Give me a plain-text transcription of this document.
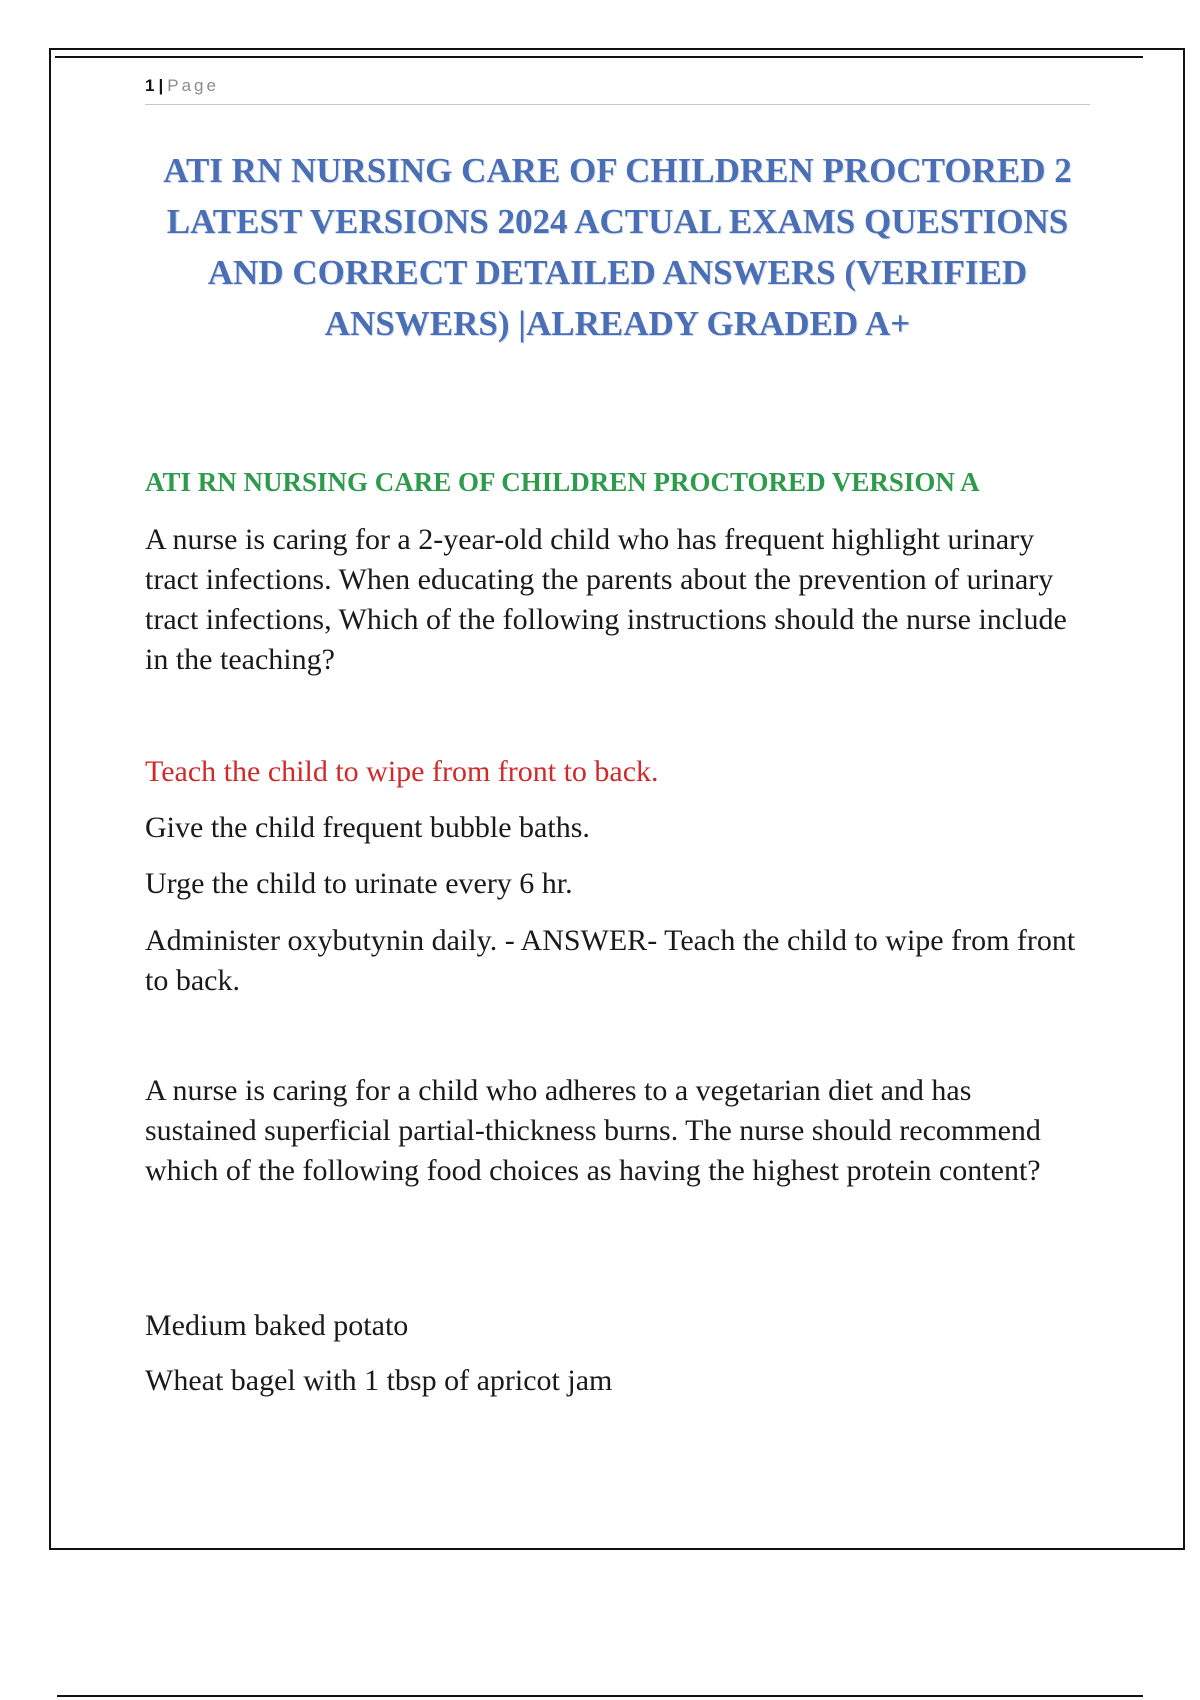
1 | Page
ATI RN NURSING CARE OF CHILDREN PROCTORED 2 LATEST VERSIONS 2024 ACTUAL EXAMS QUESTIONS AND CORRECT DETAILED ANSWERS (VERIFIED ANSWERS) |ALREADY GRADED A+
ATI RN NURSING CARE OF CHILDREN PROCTORED VERSION A
A nurse is caring for a 2-year-old child who has frequent highlight urinary tract infections. When educating the parents about the prevention of urinary tract infections, Which of the following instructions should the nurse include in the teaching?
Teach the child to wipe from front to back.
Give the child frequent bubble baths.
Urge the child to urinate every 6 hr.
Administer oxybutynin daily. - ANSWER- Teach the child to wipe from front to back.
A nurse is caring for a child who adheres to a vegetarian diet and has sustained superficial partial-thickness burns. The nurse should recommend which of the following food choices as having the highest protein content?
Medium baked potato
Wheat bagel with 1 tbsp of apricot jam
